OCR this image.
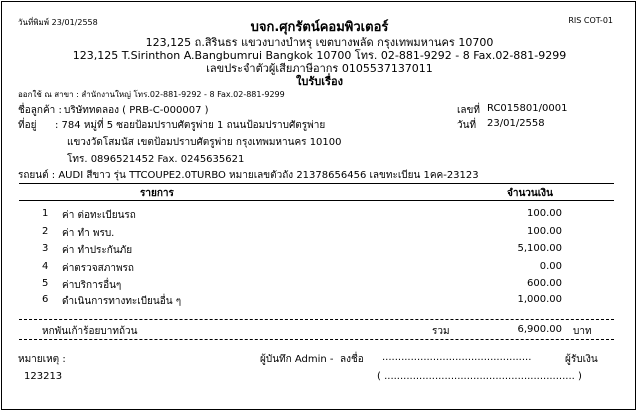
วันที่พิมพ์ 23/01/2558	RIS COT-01
บจก.ศุกรัตน์คอมพิวเตอร์
123,125 ถ.สิรินธร แขวงบางบำหรุ เขตบางพลัด กรุงเทพมหานคร 10700
123,125 T.Sirinthon A.Bangbumrui Bangkok 10700 โทร. 02-881-9292 - 8 Fax.02-881-9299
เลขประจำตัวผู้เสียภาษีอากร 0105537137011
ใบรับเรื่อง
ออกใช้ ณ สาขา : สำนักงานใหญ่ โทร.02-881-9292 - 8 Fax.02-881-9299
ชื่อลูกค้า : บริษัททดลอง ( PRB-C-000007 )	เลขที่ RC015801/0001
ที่อยู่ : 784 หมู่ที่ 5 ซอยป้อมปราบศัตรูพ่าย 1 ถนนป้อมปราบศัตรูพ่าย	วันที่ 23/01/2558
แขวงวัดโสมนัส เขตป้อมปราบศัตรูพ่าย กรุงเทพมหานคร 10100
โทร. 0896521452 Fax. 0245635621
รถยนต์ : AUDI สีขาว รุ่น TTCOUPE2.0TURBO หมายเลขตัวถัง 21378656456 เลขทะเบียน 1คค-23123
รายการ	จำนวนเงิน
1 ค่า ต่อทะเบียนรถ	100.00
2 ค่า ทำ พรบ.	100.00
3 ค่า ทำประกันภัย	5,100.00
4 ค่าตรวจสภาพรถ	0.00
5 ค่าบริการอื่นๆ	600.00
6 ดำเนินการทางทะเบียนอื่น ๆ	1,000.00
หกพันเก้าร้อยบาทถ้วน	รวม	6,900.00 บาท
หมายเหตุ :	ผู้บันทึก Admin - ลงชื่อ ...............................................	ผู้รับเงิน
123213	( ............................................................ )
